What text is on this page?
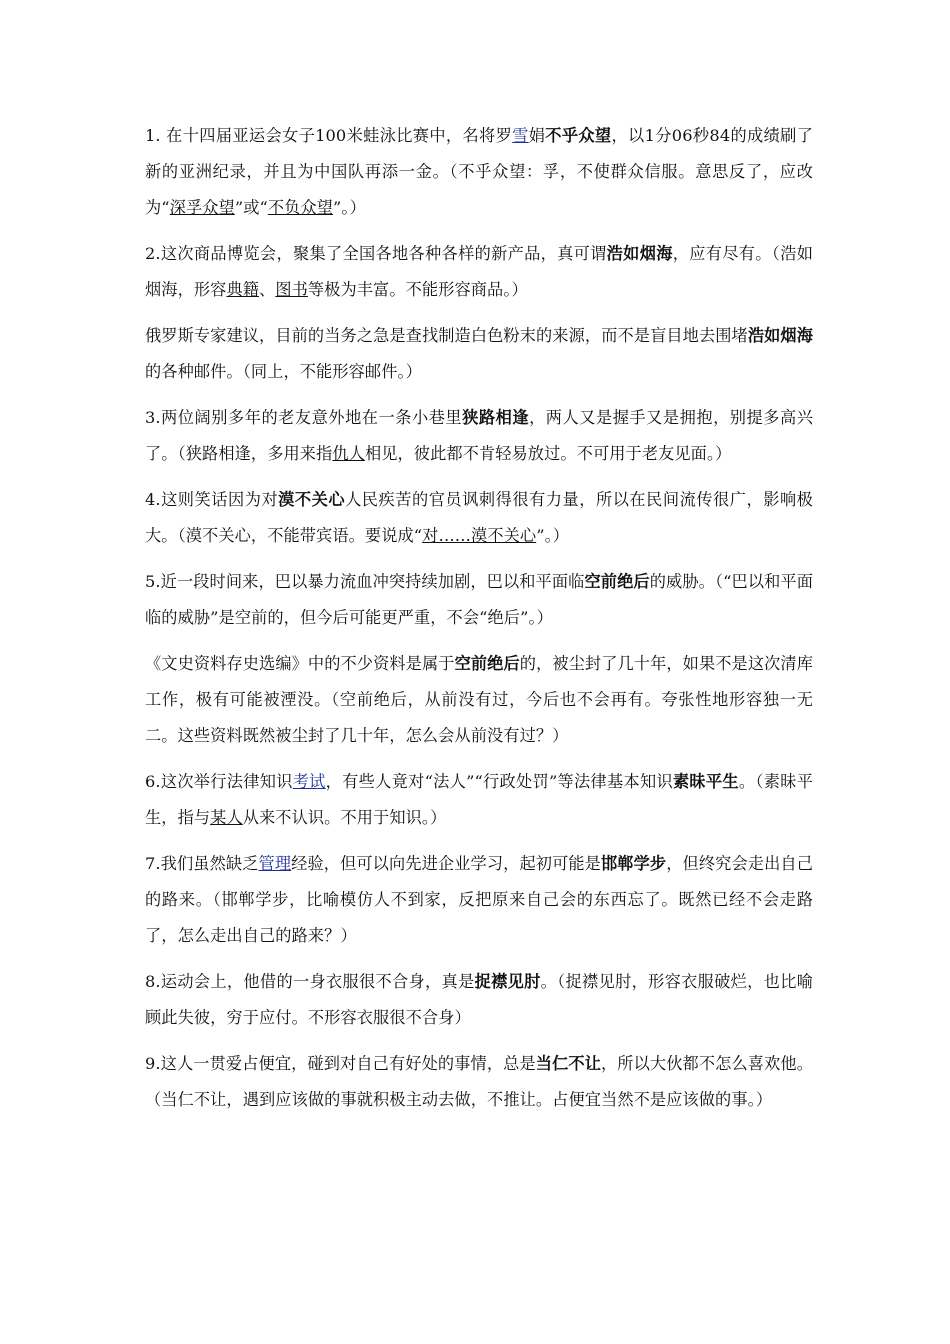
1. 在十四届亚运会女子100米蛙泳比赛中，名将罗雪娟不乎众望，以1分06秒84的成绩刷了新的亚洲纪录，并且为中国队再添一金。（不乎众望：孚，不使群众信服。意思反了，应改为“深孚众望”或“不负众望”。）

2.这次商品博览会，聚集了全国各地各种各样的新产品，真可谓浩如烟海，应有尽有。（浩如烟海，形容典籍、图书等极为丰富。不能形容商品。）

俄罗斯专家建议，目前的当务之急是查找制造白色粉末的来源，而不是盲目地去围堵浩如烟海的各种邮件。（同上，不能形容邮件。）

3.两位阔别多年的老友意外地在一条小巷里狭路相逢，两人又是握手又是拥抱，别提多高兴了。（狭路相逢，多用来指仇人相见，彼此都不肯轻易放过。不可用于老友见面。）

4.这则笑话因为对漠不关心人民疾苦的官员讽刺得很有力量，所以在民间流传很广，影响极大。（漠不关心，不能带宾语。要说成“对……漠不关心”。）

5.近一段时间来，巴以暴力流血冲突持续加剧，巴以和平面临空前绝后的威胁。（“巴以和平面临的威胁”是空前的，但今后可能更严重，不会“绝后”。）

《文史资料存史选编》中的不少资料是属于空前绝后的，被尘封了几十年，如果不是这次清库工作，极有可能被湮没。（空前绝后，从前没有过，今后也不会再有。夸张性地形容独一无二。这些资料既然被尘封了几十年，怎么会从前没有过？）

6.这次举行法律知识考试，有些人竟对“法人”“行政处罚”等法律基本知识素昧平生。（素昧平生，指与某人从来不认识。不用于知识。）

7.我们虽然缺乏管理经验，但可以向先进企业学习，起初可能是邯郸学步，但终究会走出自己的路来。（邯郸学步，比喻模仿人不到家，反把原来自己会的东西忘了。既然已经不会走路了，怎么走出自己的路来？）

8.运动会上，他借的一身衣服很不合身，真是捉襟见肘。（捉襟见肘，形容衣服破烂，也比喻顾此失彼，穷于应付。不形容衣服很不合身）

9.这人一贯爱占便宜，碰到对自己有好处的事情，总是当仁不让，所以大伙都不怎么喜欢他。（当仁不让，遇到应该做的事就积极主动去做，不推让。占便宜当然不是应该做的事。）
